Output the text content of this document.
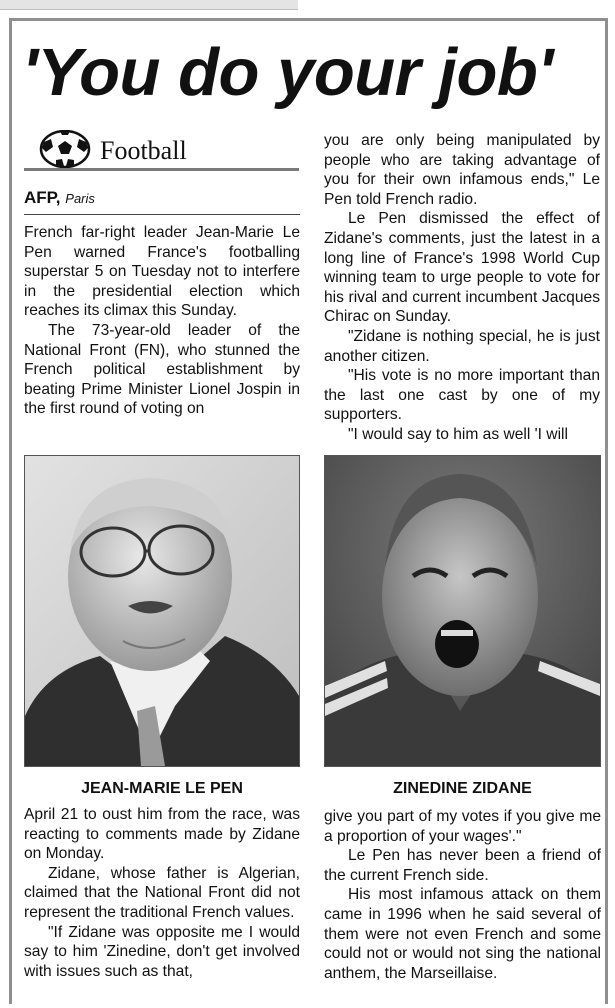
'You do your job'
Football
AFP, Paris

French far-right leader Jean-Marie Le Pen warned France's footballing superstar 5 on Tuesday not to interfere in the presidential election which reaches its climax this Sunday.

The 73-year-old leader of the National Front (FN), who stunned the French political establishment by beating Prime Minister Lionel Jospin in the first round of voting on

you are only being manipulated by people who are taking advantage of you for their own infamous ends," Le Pen told French radio.

Le Pen dismissed the effect of Zidane's comments, just the latest in a long line of France's 1998 World Cup winning team to urge people to vote for his rival and current incumbent Jacques Chirac on Sunday.

"Zidane is nothing special, he is just another citizen.

"His vote is no more important than the last one cast by one of my supporters.

"I would say to him as well 'I will

JEAN-MARIE LE PEN	ZINEDINE ZIDANE

April 21 to oust him from the race, was reacting to comments made by Zidane on Monday.

Zidane, whose father is Algerian, claimed that the National Front did not represent the traditional French values.

"If Zidane was opposite me I would say to him 'Zinedine, don't get involved with issues such as that,

give you part of my votes if you give me a proportion of your wages'."

Le Pen has never been a friend of the current French side.

His most infamous attack on them came in 1996 when he said several of them were not even French and some could not or would not sing the national anthem, the Marseillaise.
